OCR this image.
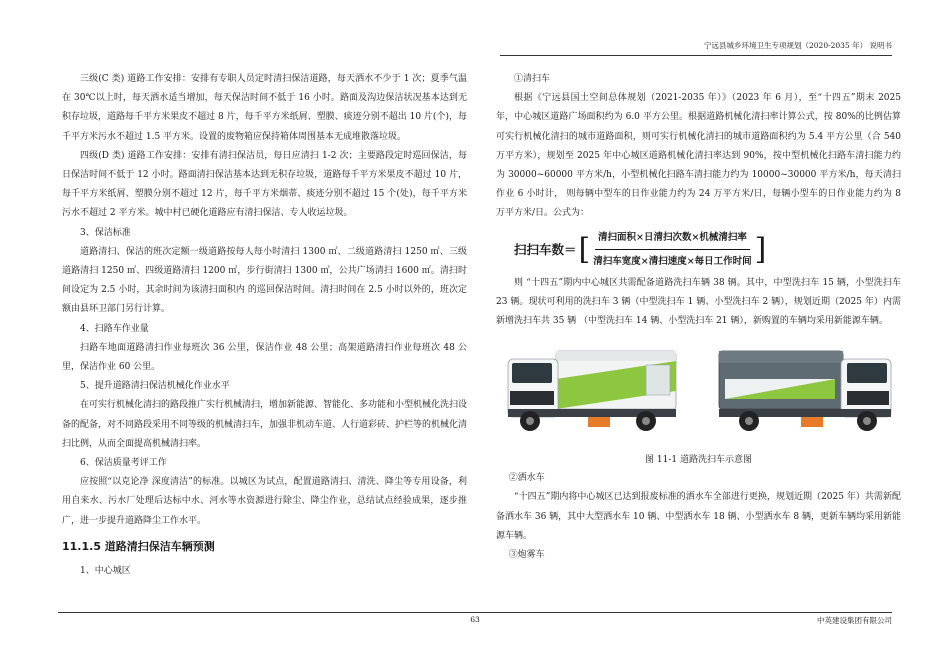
宁远县城乡环境卫生专项规划（2020-2035 年） 说明书

三级(C 类) 道路工作安排：安排有专职人员定时清扫保洁道路，每天洒水不少于 1 次；夏季气温在 30℃以上时，每天洒水适当增加，每天保洁时间不低于 16 小时。路面及沟边保洁状况基本达到无积存垃圾，道路每千平方米果皮不超过 8 片，每千平方米纸屑、塑膜、痰迹分别不超出 10 片(个)，每千平方米污水不超过 1.5 平方米。设置的废物箱应保持箱体周围基本无成堆散落垃圾。

四级(D 类) 道路工作安排：安排有清扫保洁员，每日应清扫 1-2 次；主要路段定时巡回保洁，每日保洁时间不低于 12 小时。路面清扫保洁基本达到无积存垃圾，道路每千平方米果皮不超过 10 片，每千平方米纸屑、塑膜分别不超过 12 片，每千平方米烟蒂、痰迹分别不超过 15 个(处)，每千平方米污水不超过 2 平方米。城中村已硬化道路应有清扫保洁、专人收运垃圾。

3、保洁标准

道路清扫、保洁的班次定额一级道路按每人每小时清扫 1300 ㎡、二级道路清扫 1250 ㎡、三级道路清扫 1250 ㎡、四级道路清扫 1200 ㎡，步行街清扫 1300 ㎡，公共广场清扫 1600 ㎡。清扫时间设定为 2.5 小时，其余时间为该清扫面积内 的巡回保洁时间。清扫时间在 2.5 小时以外的，班次定额由县环卫部门另行计算。

4、扫路车作业量

扫路车地面道路清扫作业每班次 36 公里，保洁作业 48 公里；高架道路清扫作业每班次 48 公里，保洁作业 60 公里。

5、提升道路清扫保洁机械化作业水平

在可实行机械化清扫的路段推广实行机械清扫，增加新能源、智能化、多功能和小型机械化洗扫设备的配备，对不同路段采用不同等级的机械清扫车，加强非机动车道、人行道彩砖、护栏等的机械化清扫比例，从而全面提高机械清扫率。

6、保洁质量考评工作

应按照“以克论净 深度清洁”的标准。以城区为试点，配置道路清扫、清洗、降尘等专用设备，利用自来水、污水厂处理后达标中水、河水等水资源进行除尘、降尘作业，总结试点经验成果，逐步推广，进一步提升道路降尘工作水平。

11.1.5 道路清扫保洁车辆预测

1、中心城区

①清扫车

根据《宁远县国土空间总体规划（2021-2035 年）》（2023 年 6 月），至“十四五”期末 2025 年，中心城区道路广场面积约为 6.0 平方公里。根据道路机械化清扫率计算公式，按 80%的比例估算可实行机械化清扫的城市道路面积，则可实行机械化清扫的城市道路面积约为 5.4 平方公里（合 540 万平方米），规划至 2025 年中心城区道路机械化清扫率达到 90%，按中型机械化扫路车清扫能力约为 30000~60000 平方米/h，小型机械化扫路车清扫能力约为 10000~30000 平方米/h，每天清扫作业 6 小时计， 则每辆中型车的日作业能力约为 24 万平方米/日，每辆小型车的日作业能力约为 8 万平方米/日。公式为：

扫扫车数＝ [ $\frac{\text{清扫面积×日清扫次数×机械清扫率}}{\text{清扫车宽度×清扫速度×每日工作时间}}$ ]

则 “十四五”期内中心城区共需配备道路洗扫车辆 38 辆。其中，中型洗扫车 15 辆，小型洗扫车 23 辆。现状可利用的洗扫车 3 辆（中型洗扫车 1 辆、小型洗扫车 2 辆），规划近期（2025 年）内需新增洗扫车共 35 辆 （中型洗扫车 14 辆、小型洗扫车 21 辆），新购置的车辆均采用新能源车辆。

图 11-1 道路洗扫车示意图

②洒水车

“十四五”期内将中心城区已达到报废标准的洒水车全部进行更换，规划近期（2025 年）共需新配备洒水车 36 辆，其中大型洒水车 10 辆、中型洒水车 18 辆、小型洒水车 8 辆，更新车辆均采用新能源车辆。

③炮雾车

63	中英建设集团有限公司
